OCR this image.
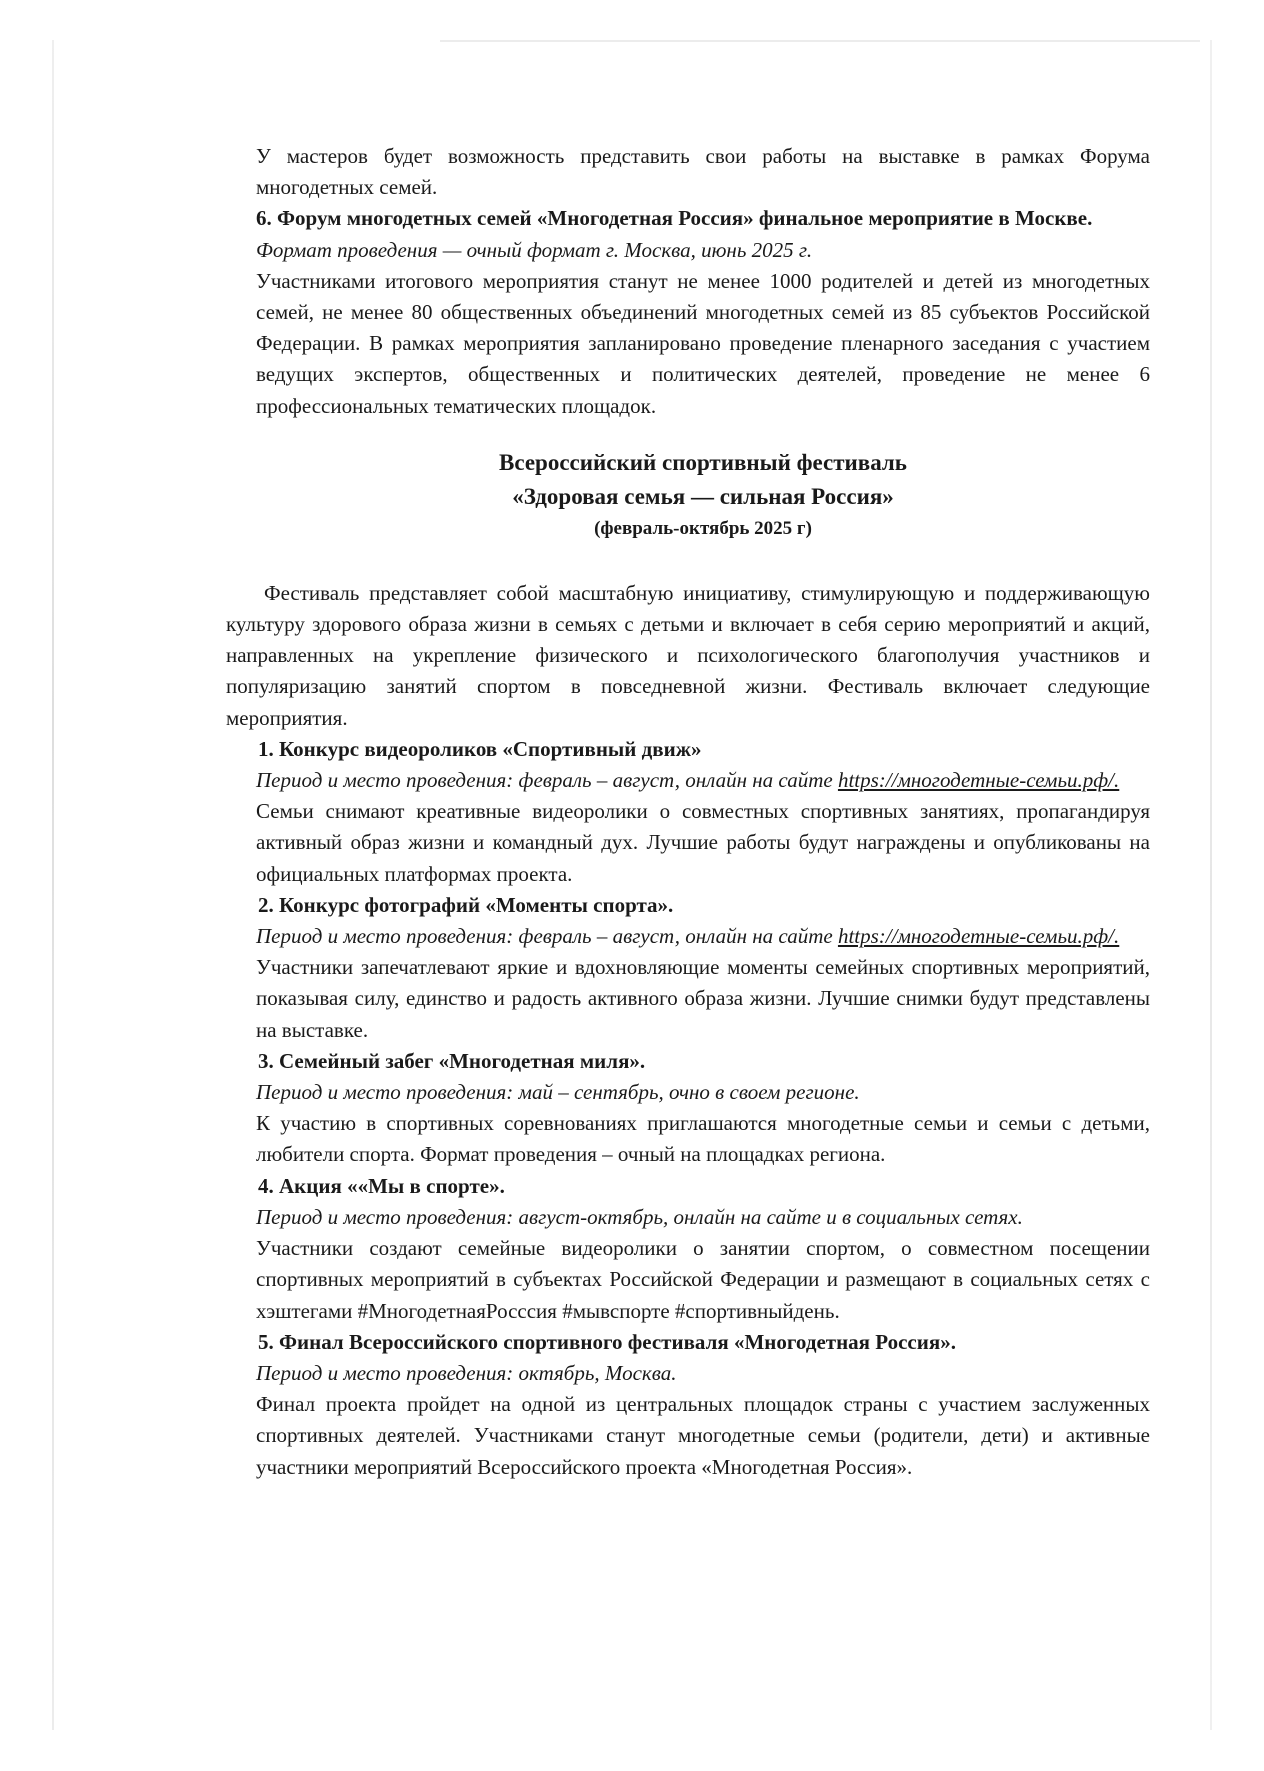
У мастеров будет возможность представить свои работы на выставке в рамках Форума многодетных семей.

6. Форум многодетных семей «Многодетная Россия» финальное мероприятие в Москве.

Формат проведения — очный формат г. Москва, июнь 2025 г.

Участниками итогового мероприятия станут не менее 1000 родителей и детей из многодетных семей, не менее 80 общественных объединений многодетных семей из 85 субъектов Российской Федерации. В рамках мероприятия запланировано проведение пленарного заседания с участием ведущих экспертов, общественных и политических деятелей, проведение не менее 6 профессиональных тематических площадок.

Всероссийский спортивный фестиваль
«Здоровая семья — сильная Россия»
(февраль-октябрь 2025 г)

Фестиваль представляет собой масштабную инициативу, стимулирующую и поддерживающую культуру здорового образа жизни в семьях с детьми и включает в себя серию мероприятий и акций, направленных на укрепление физического и психологического благополучия участников и популяризацию занятий спортом в повседневной жизни. Фестиваль включает следующие мероприятия.

1. Конкурс видеороликов «Спортивный движ»

Период и место проведения: февраль – август, онлайн на сайте https://многодетные-семьи.рф/.

Семьи снимают креативные видеоролики о совместных спортивных занятиях, пропагандируя активный образ жизни и командный дух. Лучшие работы будут награждены и опубликованы на официальных платформах проекта.

2. Конкурс фотографий «Моменты спорта».

Период и место проведения: февраль – август, онлайн на сайте https://многодетные-семьи.рф/.

Участники запечатлевают яркие и вдохновляющие моменты семейных спортивных мероприятий, показывая силу, единство и радость активного образа жизни. Лучшие снимки будут представлены на выставке.

3. Семейный забег «Многодетная миля».

Период и место проведения: май – сентябрь, очно в своем регионе.

К участию в спортивных соревнованиях приглашаются многодетные семьи и семьи с детьми, любители спорта. Формат проведения – очный на площадках региона.

4. Акция ««Мы в спорте».

Период и место проведения: август-октябрь, онлайн на сайте и в социальных сетях.

Участники создают семейные видеоролики о занятии спортом, о совместном посещении спортивных мероприятий в субъектах Российской Федерации и размещают в социальных сетях с хэштегами #МногодетнаяРосссия #мывспорте #спортивныйдень.

5. Финал Всероссийского спортивного фестиваля «Многодетная Россия».

Период и место проведения: октябрь, Москва.

Финал проекта пройдет на одной из центральных площадок страны с участием заслуженных спортивных деятелей. Участниками станут многодетные семьи (родители, дети) и активные участники мероприятий Всероссийского проекта «Многодетная Россия».
